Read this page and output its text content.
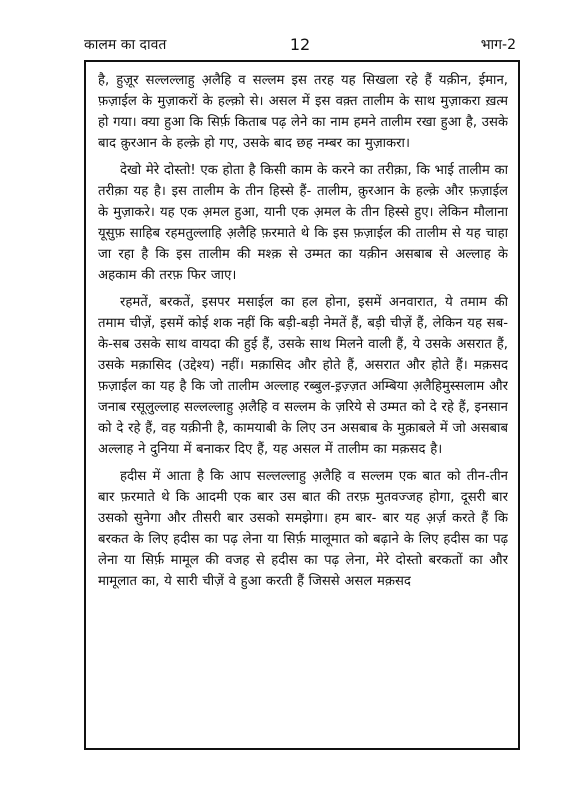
कालम का दावत	12	भाग-2

है, हुज़ूर सल्लल्लाहु अ़लैहि व सल्लम इस तरह यह सिखला रहे हैं यक़ीन, ईमान, फ़ज़ाईल के मुज़ाकरों के हल्क़ो से। असल में इस वक़्त तालीम के साथ मुज़ाकरा ख़त्म हो गया। क्या हुआ कि सिर्फ़ किताब पढ़ लेने का नाम हमने तालीम रखा हुआ है, उसके बाद क़ुरआन के हल्क़े हो गए, उसके बाद छह नम्बर का मुज़ाकरा।

देखो मेरे दोस्तो! एक होता है किसी काम के करने का तरीक़ा, कि भाई तालीम का तरीक़ा यह है। इस तालीम के तीन हिस्से हैं- तालीम, क़ुरआन के हल्क़े और फ़ज़ाईल के मुज़ाकरे। यह एक अ़मल हुआ, यानी एक अ़मल के तीन हिस्से हुए। लेकिन मौलाना यूसुफ़ साहिब रहमतुल्लाहि अ़लैहि फ़रमाते थे कि इस फ़ज़ाईल की तालीम से यह चाहा जा रहा है कि इस तालीम की मश्क़ से उम्मत का यक़ीन असबाब से अल्लाह के अहकाम की तरफ़ फिर जाए।

रहमतें, बरकतें, इसपर मसाईल का हल होना, इसमें अनवारात, ये तमाम की तमाम चीज़ें, इसमें कोई शक नहीं कि बड़ी-बड़ी नेमतें हैं, बड़ी चीज़ें हैं, लेकिन यह सब-के-सब उसके साथ वायदा की हुई हैं, उसके साथ मिलने वाली हैं, ये उसके असरात हैं, उसके मक़ासिद (उद्देश्य) नहीं। मक़ासिद और होते हैं, असरात और होते हैं। मक़सद फ़ज़ाईल का यह है कि जो तालीम अल्लाह रब्बुल-इ़ज़्ज़त अम्बिया अ़लैहिमुस्सलाम और जनाब रसूलुल्लाह सल्लल्लाहु अ़लैहि व सल्लम के ज़रिये से उम्मत को दे रहे हैं, इनसान को दे रहे हैं, वह यक़ीनी है, कामयाबी के लिए उन असबाब के मुक़ाबले में जो असबाब अल्लाह ने दुनिया में बनाकर दिए हैं, यह असल में तालीम का मक़सद है।

हदीस में आता है कि आप सल्लल्लाहु अ़लैहि व सल्लम एक बात को तीन-तीन बार फ़रमाते थे कि आदमी एक बार उस बात की तरफ़ मुतवज्जह होगा, दूसरी बार उसको सुनेगा और तीसरी बार उसको समझेगा। हम बार- बार यह अ़र्ज़ करते हैं कि बरकत के लिए हदीस का पढ़ लेना या सिर्फ़ मालूमात को बढ़ाने के लिए हदीस का पढ़ लेना या सिर्फ़ मामूल की वजह से हदीस का पढ़ लेना, मेरे दोस्तो बरकतों का और मामूलात का, ये सारी चीज़ें वे हुआ करती हैं जिससे असल मक़सद
